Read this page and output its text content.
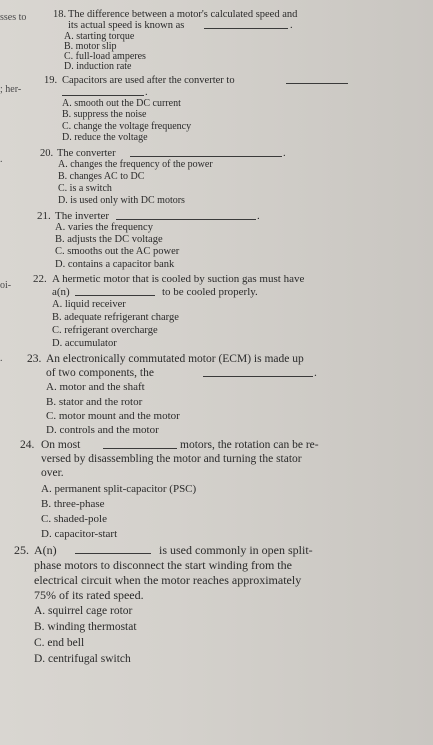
sses to
; her-
.
oi-
.
18. The difference between a motor's calculated speed and
its actual speed is known as	.
A. starting torque
B. motor slip
C. full-load amperes
D. induction rate
19. Capacitors are used after the converter to
.
A. smooth out the DC current
B. suppress the noise
C. change the voltage frequency
D. reduce the voltage
20. The converter	.
A. changes the frequency of the power
B. changes AC to DC
C. is a switch
D. is used only with DC motors
21. The inverter	.
A. varies the frequency
B. adjusts the DC voltage
C. smooths out the AC power
D. contains a capacitor bank
22. A hermetic motor that is cooled by suction gas must have
a(n)	to be cooled properly.
A. liquid receiver
B. adequate refrigerant charge
C. refrigerant overcharge
D. accumulator
23. An electronically commutated motor (ECM) is made up
of two components, the	.
A. motor and the shaft
B. stator and the rotor
C. motor mount and the motor
D. controls and the motor
24. On most	motors, the rotation can be re-
versed by disassembling the motor and turning the stator
over.
A. permanent split-capacitor (PSC)
B. three-phase
C. shaded-pole
D. capacitor-start
25. A(n)	is used commonly in open split-
phase motors to disconnect the start winding from the
electrical circuit when the motor reaches approximately
75% of its rated speed.
A. squirrel cage rotor
B. winding thermostat
C. end bell
D. centrifugal switch
